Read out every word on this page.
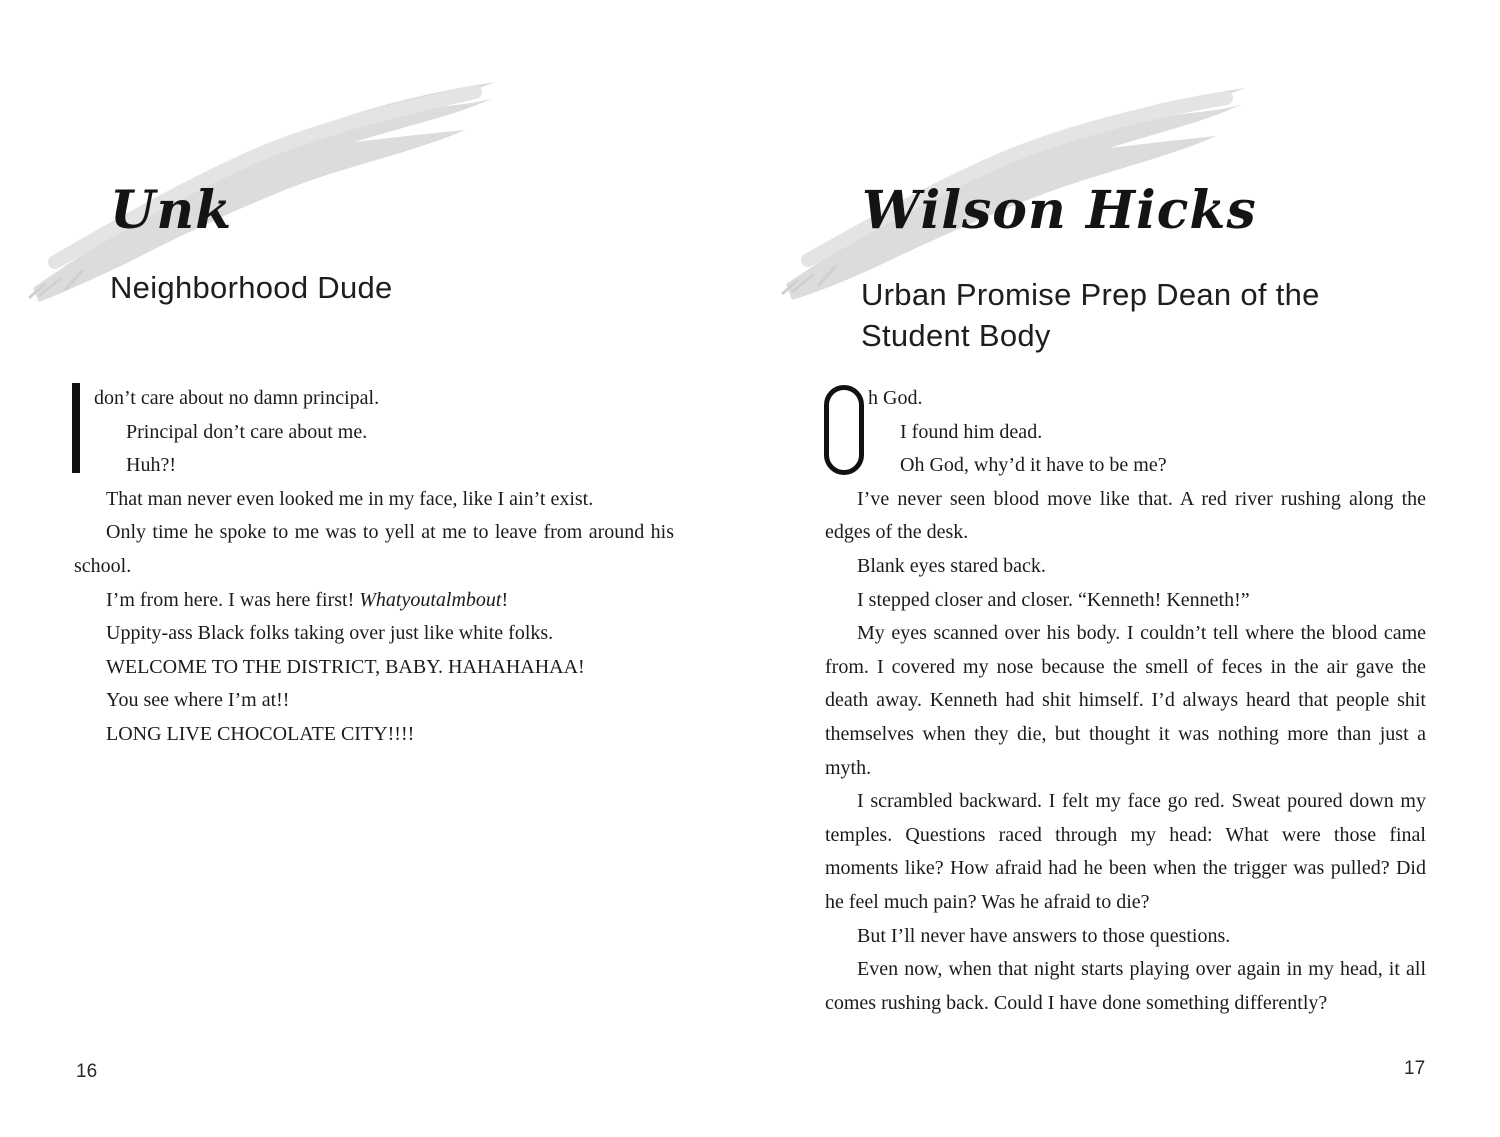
Unk
Neighborhood Dude

don’t care about no damn principal.

Principal don’t care about me.

Huh?!

That man never even looked me in my face, like I ain’t exist.

Only time he spoke to me was to yell at me to leave from around his school.

I’m from here. I was here first! Whatyoutalmbout!

Uppity-ass Black folks taking over just like white folks.

WELCOME TO THE DISTRICT, BABY. HAHAHAHAA!

You see where I’m at!!

LONG LIVE CHOCOLATE CITY!!!!

16
Wilson Hicks
Urban Promise Prep Dean of the
Student Body

h God.

I found him dead.

Oh God, why’d it have to be me?

I’ve never seen blood move like that. A red river rushing along the edges of the desk.

Blank eyes stared back.

I stepped closer and closer. “Kenneth! Kenneth!”

My eyes scanned over his body. I couldn’t tell where the blood came from. I covered my nose because the smell of feces in the air gave the death away. Kenneth had shit himself. I’d always heard that people shit themselves when they die, but thought it was nothing more than just a myth.

I scrambled backward. I felt my face go red. Sweat poured down my temples. Questions raced through my head: What were those final moments like? How afraid had he been when the trigger was pulled? Did he feel much pain? Was he afraid to die?

But I’ll never have answers to those questions.

Even now, when that night starts playing over again in my head, it all comes rushing back. Could I have done something differently?

17
